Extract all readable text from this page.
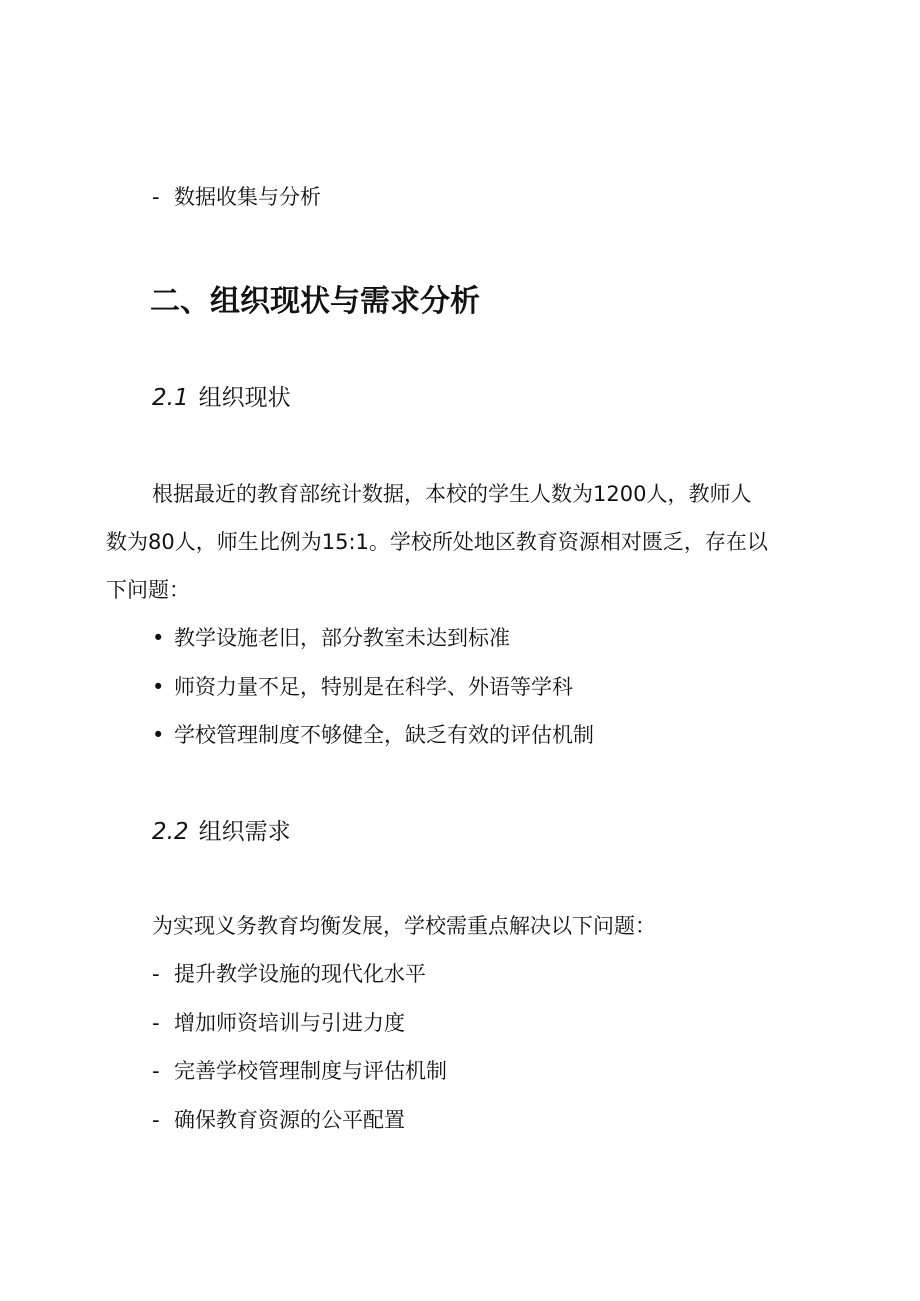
- 数据收集与分析
二、组织现状与需求分析
2.1 组织现状
根据最近的教育部统计数据，本校的学生人数为1200人，教师人
数为80人，师生比例为15:1。学校所处地区教育资源相对匮乏，存在以
下问题：
• 教学设施老旧，部分教室未达到标准
• 师资力量不足，特别是在科学、外语等学科
• 学校管理制度不够健全，缺乏有效的评估机制
2.2 组织需求
为实现义务教育均衡发展，学校需重点解决以下问题：
- 提升教学设施的现代化水平
- 增加师资培训与引进力度
- 完善学校管理制度与评估机制
- 确保教育资源的公平配置
